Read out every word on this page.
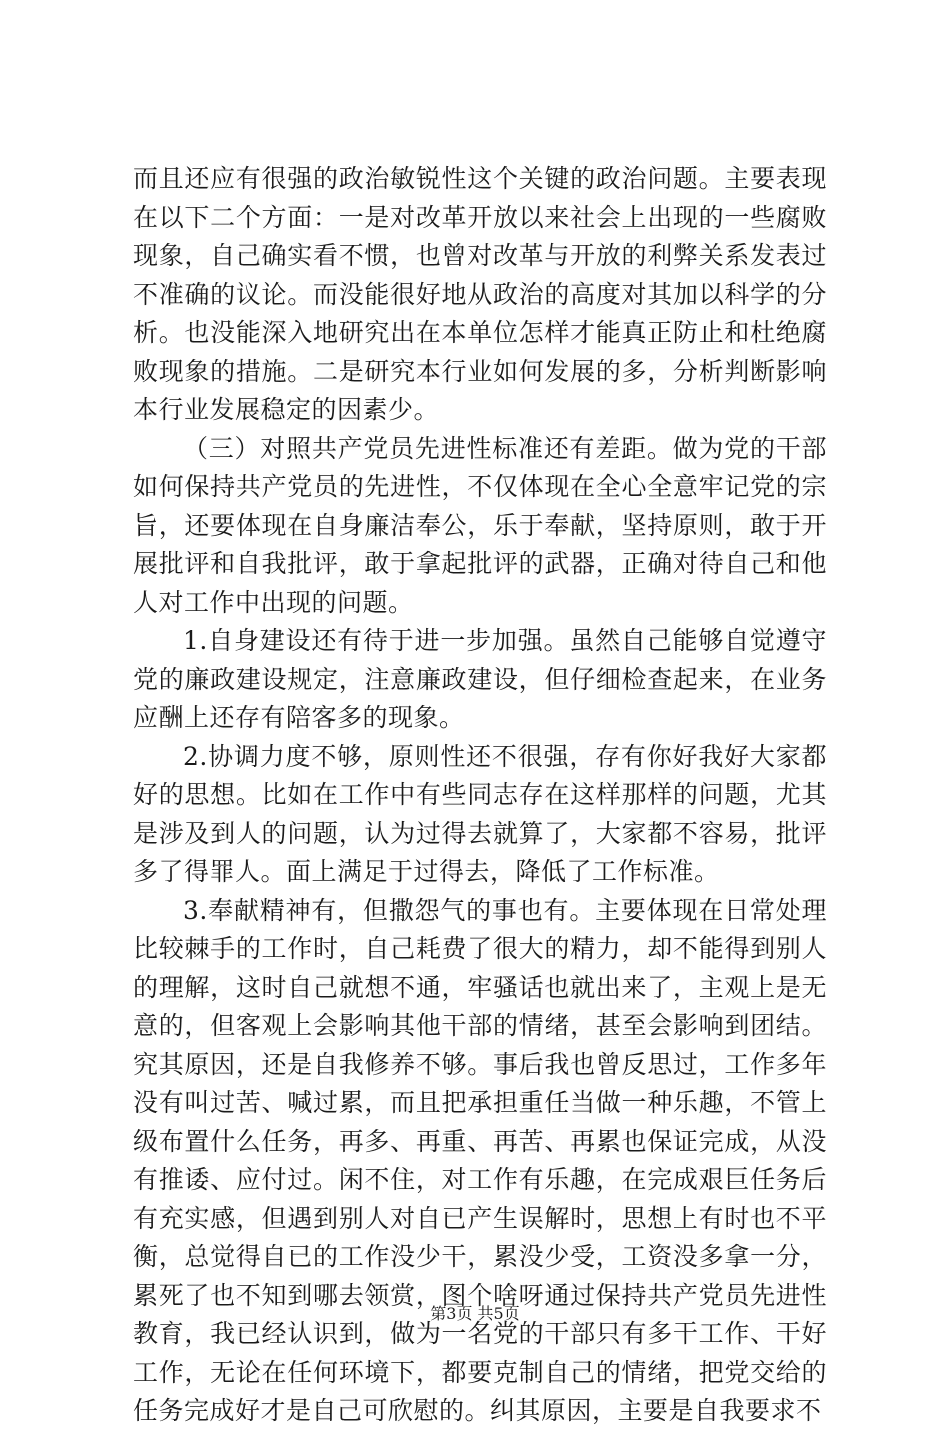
而且还应有很强的政治敏锐性这个关键的政治问题。主要表现在以下二个方面：一是对改革开放以来社会上出现的一些腐败现象，自己确实看不惯，也曾对改革与开放的利弊关系发表过不准确的议论。而没能很好地从政治的高度对其加以科学的分析。也没能深入地研究出在本单位怎样才能真正防止和杜绝腐败现象的措施。二是研究本行业如何发展的多，分析判断影响本行业发展稳定的因素少。

（三）对照共产党员先进性标准还有差距。做为党的干部如何保持共产党员的先进性，不仅体现在全心全意牢记党的宗旨，还要体现在自身廉洁奉公，乐于奉献，坚持原则，敢于开展批评和自我批评，敢于拿起批评的武器，正确对待自己和他人对工作中出现的问题。

1.自身建设还有待于进一步加强。虽然自己能够自觉遵守党的廉政建设规定，注意廉政建设，但仔细检查起来，在业务应酬上还存有陪客多的现象。

2.协调力度不够，原则性还不很强，存有你好我好大家都好的思想。比如在工作中有些同志存在这样那样的问题，尤其是涉及到人的问题，认为过得去就算了，大家都不容易，批评多了得罪人。面上满足于过得去，降低了工作标准。

3.奉献精神有，但撒怨气的事也有。主要体现在日常处理比较棘手的工作时，自己耗费了很大的精力，却不能得到别人的理解，这时自己就想不通，牢骚话也就出来了，主观上是无意的，但客观上会影响其他干部的情绪，甚至会影响到团结。究其原因，还是自我修养不够。事后我也曾反思过，工作多年没有叫过苦、喊过累，而且把承担重任当做一种乐趣，不管上级布置什么任务，再多、再重、再苦、再累也保证完成，从没有推诿、应付过。闲不住，对工作有乐趣，在完成艰巨任务后有充实感，但遇到别人对自已产生误解时，思想上有时也不平衡，总觉得自已的工作没少干，累没少受，工资没多拿一分，累死了也不知到哪去领赏，图个啥呀通过保持共产党员先进性教育，我已经认识到，做为一名党的干部只有多干工作、干好工作，无论在任何环境下，都要克制自己的情绪，把党交给的任务完成好才是自己可欣慰的。纠其原因，主要是自我要求不

第3页 共5页
